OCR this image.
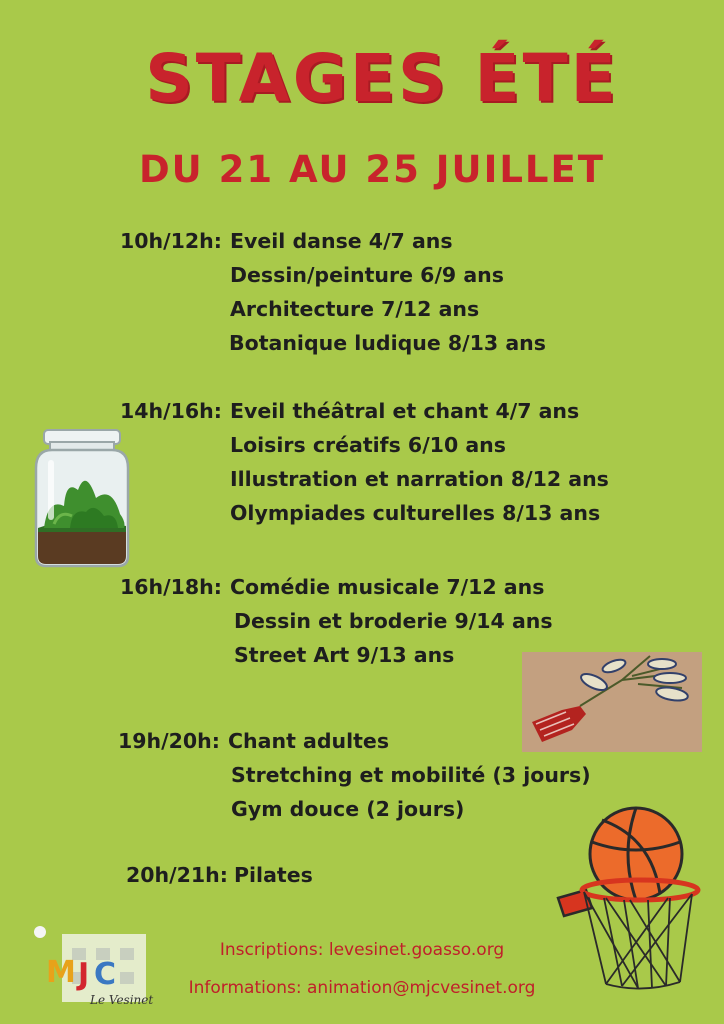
STAGES ÉTÉ
DU 21 AU 25 JUILLET
10h/12h: Eveil danse 4/7 ans
Dessin/peinture 6/9 ans
Architecture 7/12 ans
Botanique ludique 8/13 ans
14h/16h: Eveil théâtral et chant 4/7 ans
Loisirs créatifs 6/10 ans
Illustration et narration 8/12 ans
Olympiades culturelles 8/13 ans
16h/18h: Comédie musicale 7/12 ans
Dessin et broderie 9/14 ans
Street Art 9/13 ans
19h/20h: Chant adultes
Stretching et mobilité (3 jours)
Gym douce (2 jours)
20h/21h: Pilates
M J C
Le Vesinet
Inscriptions: levesinet.goasso.org
Informations: animation@mjcvesinet.org
